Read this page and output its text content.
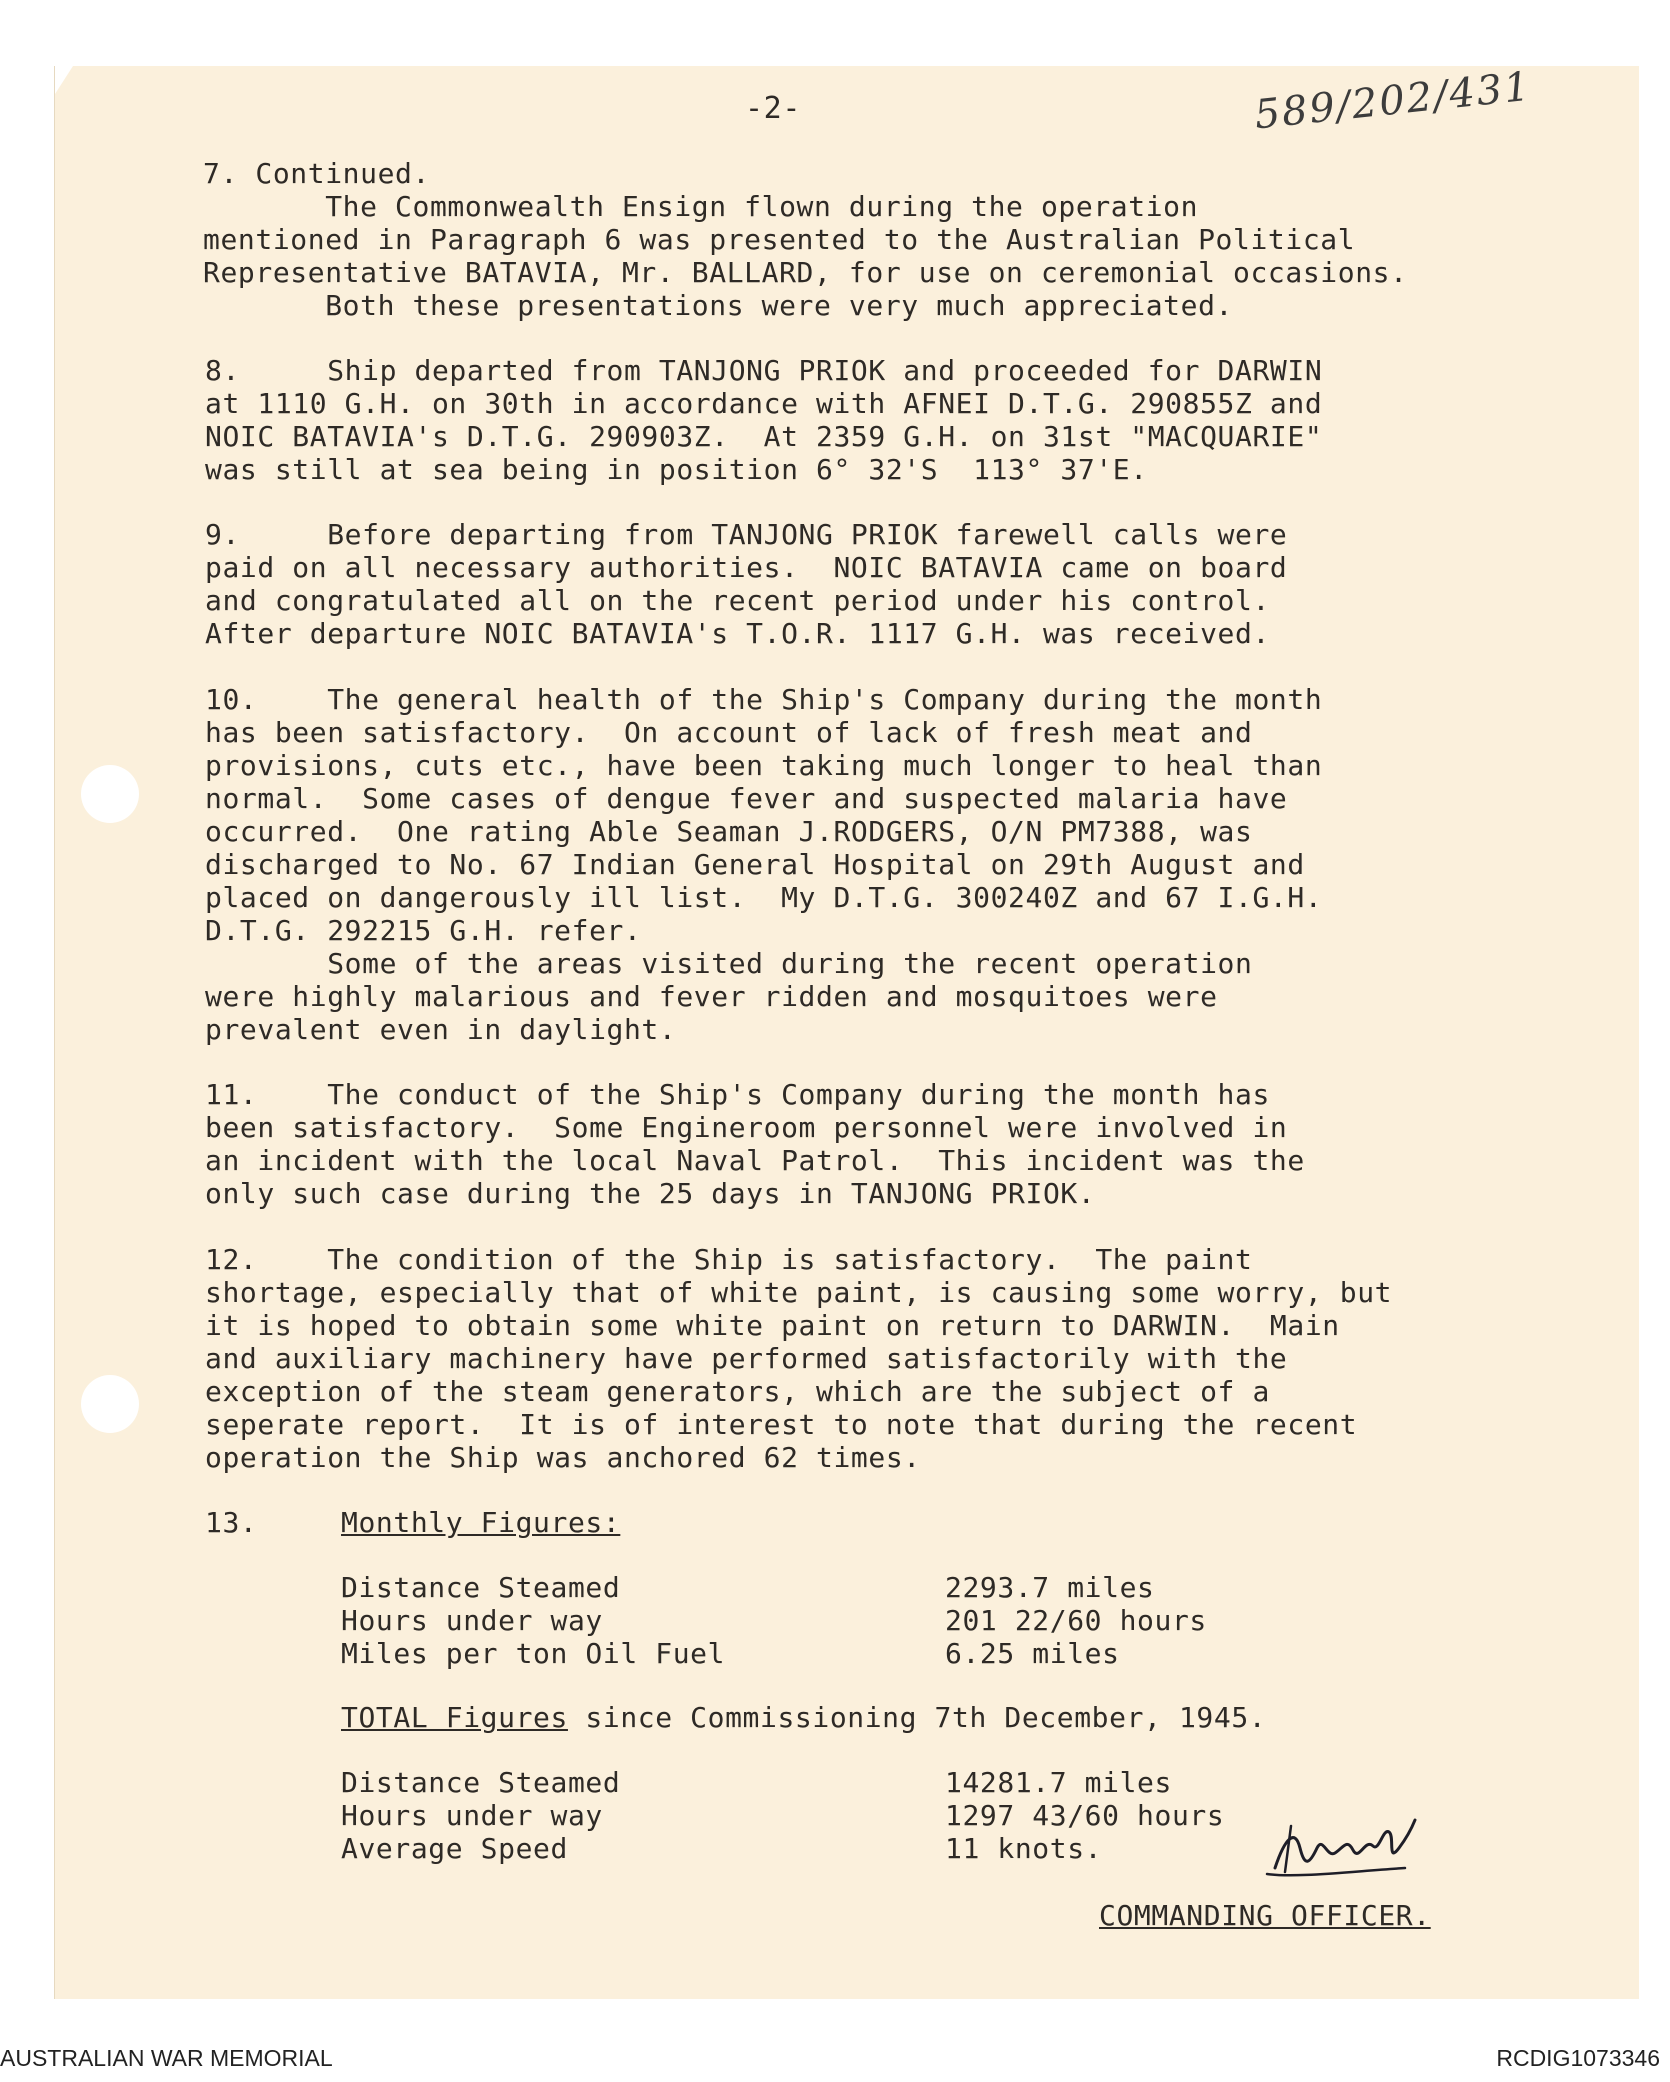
589/202/431

-2-

7. Continued.

The Commonwealth Ensign flown during the operation

mentioned in Paragraph 6 was presented to the Australian Political

Representative BATAVIA, Mr. BALLARD, for use on ceremonial occasions.

Both these presentations were very much appreciated.

8.     Ship departed from TANJONG PRIOK and proceeded for DARWIN

at 1110 G.H. on 30th in accordance with AFNEI D.T.G. 290855Z and

NOIC BATAVIA's D.T.G. 290903Z.  At 2359 G.H. on 31st "MACQUARIE"

was still at sea being in position 6° 32'S  113° 37'E.

9.     Before departing from TANJONG PRIOK farewell calls were

paid on all necessary authorities.  NOIC BATAVIA came on board

and congratulated all on the recent period under his control.

After departure NOIC BATAVIA's T.O.R. 1117 G.H. was received.

10.    The general health of the Ship's Company during the month

has been satisfactory.  On account of lack of fresh meat and

provisions, cuts etc., have been taking much longer to heal than

normal.  Some cases of dengue fever and suspected malaria have

occurred.  One rating Able Seaman J.RODGERS, O/N PM7388, was

discharged to No. 67 Indian General Hospital on 29th August and

placed on dangerously ill list.  My D.T.G. 300240Z and 67 I.G.H.

D.T.G. 292215 G.H. refer.

Some of the areas visited during the recent operation

were highly malarious and fever ridden and mosquitoes were

prevalent even in daylight.

11.    The conduct of the Ship's Company during the month has

been satisfactory.  Some Engineroom personnel were involved in

an incident with the local Naval Patrol.  This incident was the

only such case during the 25 days in TANJONG PRIOK.

12.    The condition of the Ship is satisfactory.  The paint

shortage, especially that of white paint, is causing some worry, but

it is hoped to obtain some white paint on return to DARWIN.  Main

and auxiliary machinery have performed satisfactorily with the

exception of the steam generators, which are the subject of a

seperate report.  It is of interest to note that during the recent

operation the Ship was anchored 62 times.

13.	Monthly Figures:

Distance Steamed	2293.7 miles

Hours under way	201 22/60 hours

Miles per ton Oil Fuel	6.25 miles

TOTAL Figures since Commissioning 7th December, 1945.

Distance Steamed	14281.7 miles

Hours under way	1297 43/60 hours

Average Speed	11 knots.

COMMANDING OFFICER.

AUSTRALIAN WAR MEMORIAL	RCDIG1073346
